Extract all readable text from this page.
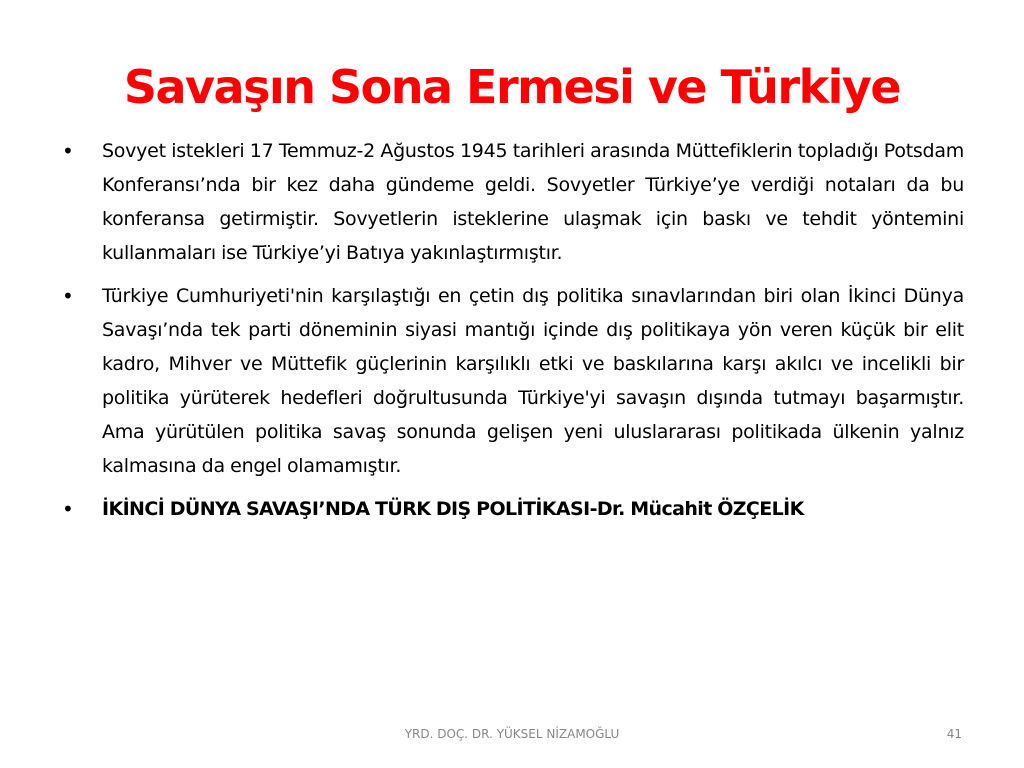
Savaşın Sona Ermesi ve Türkiye
• Sovyet istekleri 17 Temmuz-2 Ağustos 1945 tarihleri arasında Müttefiklerin topladığı Potsdam Konferansı’nda bir kez daha gündeme geldi. Sovyetler Türkiye’ye verdiği notaları da bu konferansa getirmiştir. Sovyetlerin isteklerine ulaşmak için baskı ve tehdit yöntemini kullanmaları ise Türkiye’yi Batıya yakınlaştırmıştır.
• Türkiye Cumhuriyeti'nin karşılaştığı en çetin dış politika sınavlarından biri olan İkinci Dünya Savaşı’nda tek parti döneminin siyasi mantığı içinde dış politikaya yön veren küçük bir elit kadro, Mihver ve Müttefik güçlerinin karşılıklı etki ve baskılarına karşı akılcı ve incelikli bir politika yürüterek hedefleri doğrultusunda Türkiye'yi savaşın dışında tutmayı başarmıştır. Ama yürütülen politika savaş sonunda gelişen yeni uluslararası politikada ülkenin yalnız kalmasına da engel olamamıştır.
• İKİNCİ DÜNYA SAVAŞI’NDA TÜRK DIŞ POLİTİKASI-Dr. Mücahit ÖZÇELİK
YRD. DOÇ. DR. YÜKSEL NİZAMOĞLU	41
